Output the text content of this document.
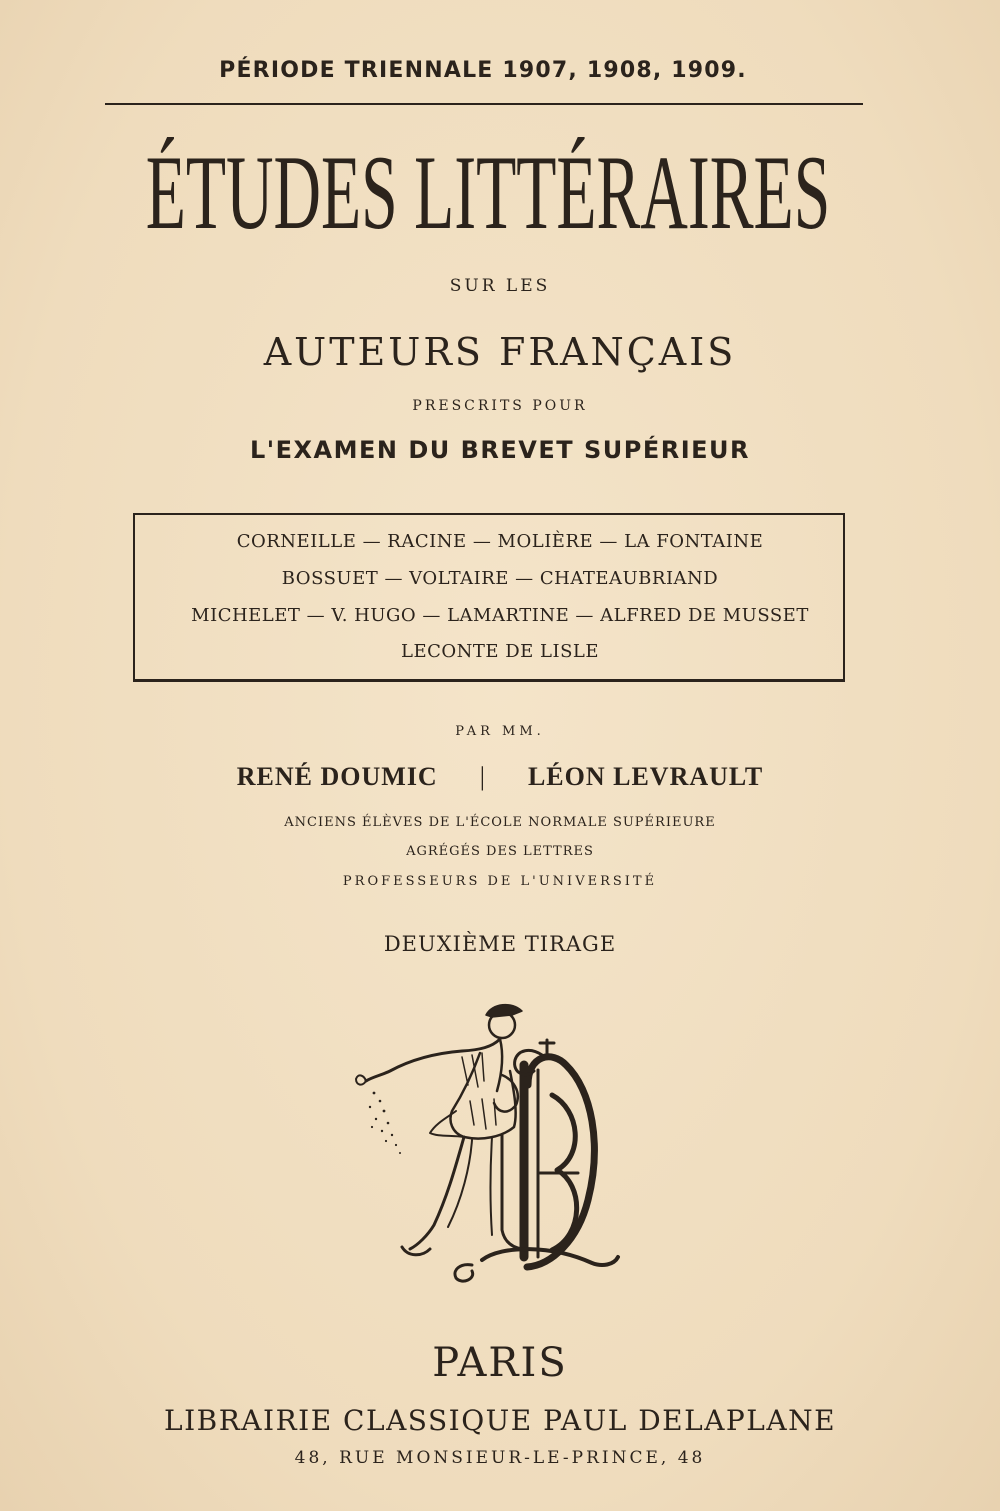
PÉRIODE TRIENNALE 1907, 1908, 1909.
ÉTUDES LITTÉRAIRES
SUR LES
AUTEURS FRANÇAIS
PRESCRITS POUR
L'EXAMEN DU BREVET SUPÉRIEUR
CORNEILLE — RACINE — MOLIÈRE — LA FONTAINE
BOSSUET — VOLTAIRE — CHATEAUBRIAND
MICHELET — V. HUGO — LAMARTINE — ALFRED DE MUSSET
LECONTE DE LISLE
PAR MM.
RENÉ DOUMIC | LÉON LEVRAULT
ANCIENS ÉLÈVES DE L'ÉCOLE NORMALE SUPÉRIEURE
AGRÉGÉS DES LETTRES
PROFESSEURS DE L'UNIVERSITÉ
DEUXIÈME TIRAGE
PARIS
LIBRAIRIE CLASSIQUE PAUL DELAPLANE
48, RUE MONSIEUR-LE-PRINCE, 48
